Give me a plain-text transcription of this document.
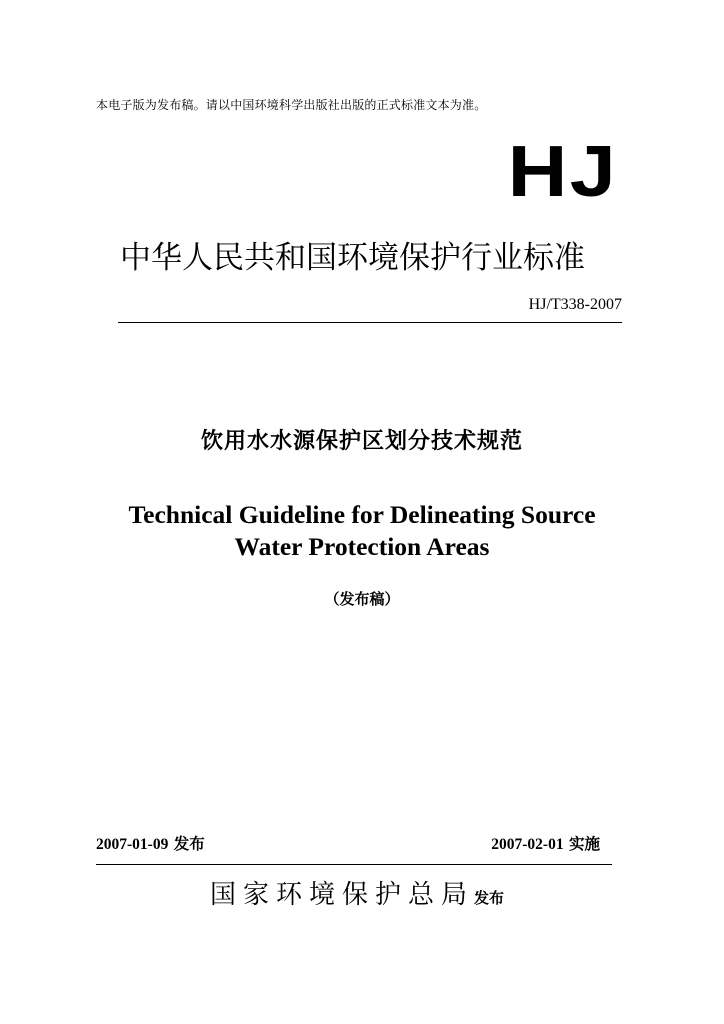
本电子版为发布稿。请以中国环境科学出版社出版的正式标准文本为准。
HJ
中华人民共和国环境保护行业标准
HJ/T338-2007
饮用水水源保护区划分技术规范
Technical Guideline for Delineating Source
Water Protection Areas
（发布稿）
2007-01-09 发布	2007-02-01 实施
国家环境保护总局发布
